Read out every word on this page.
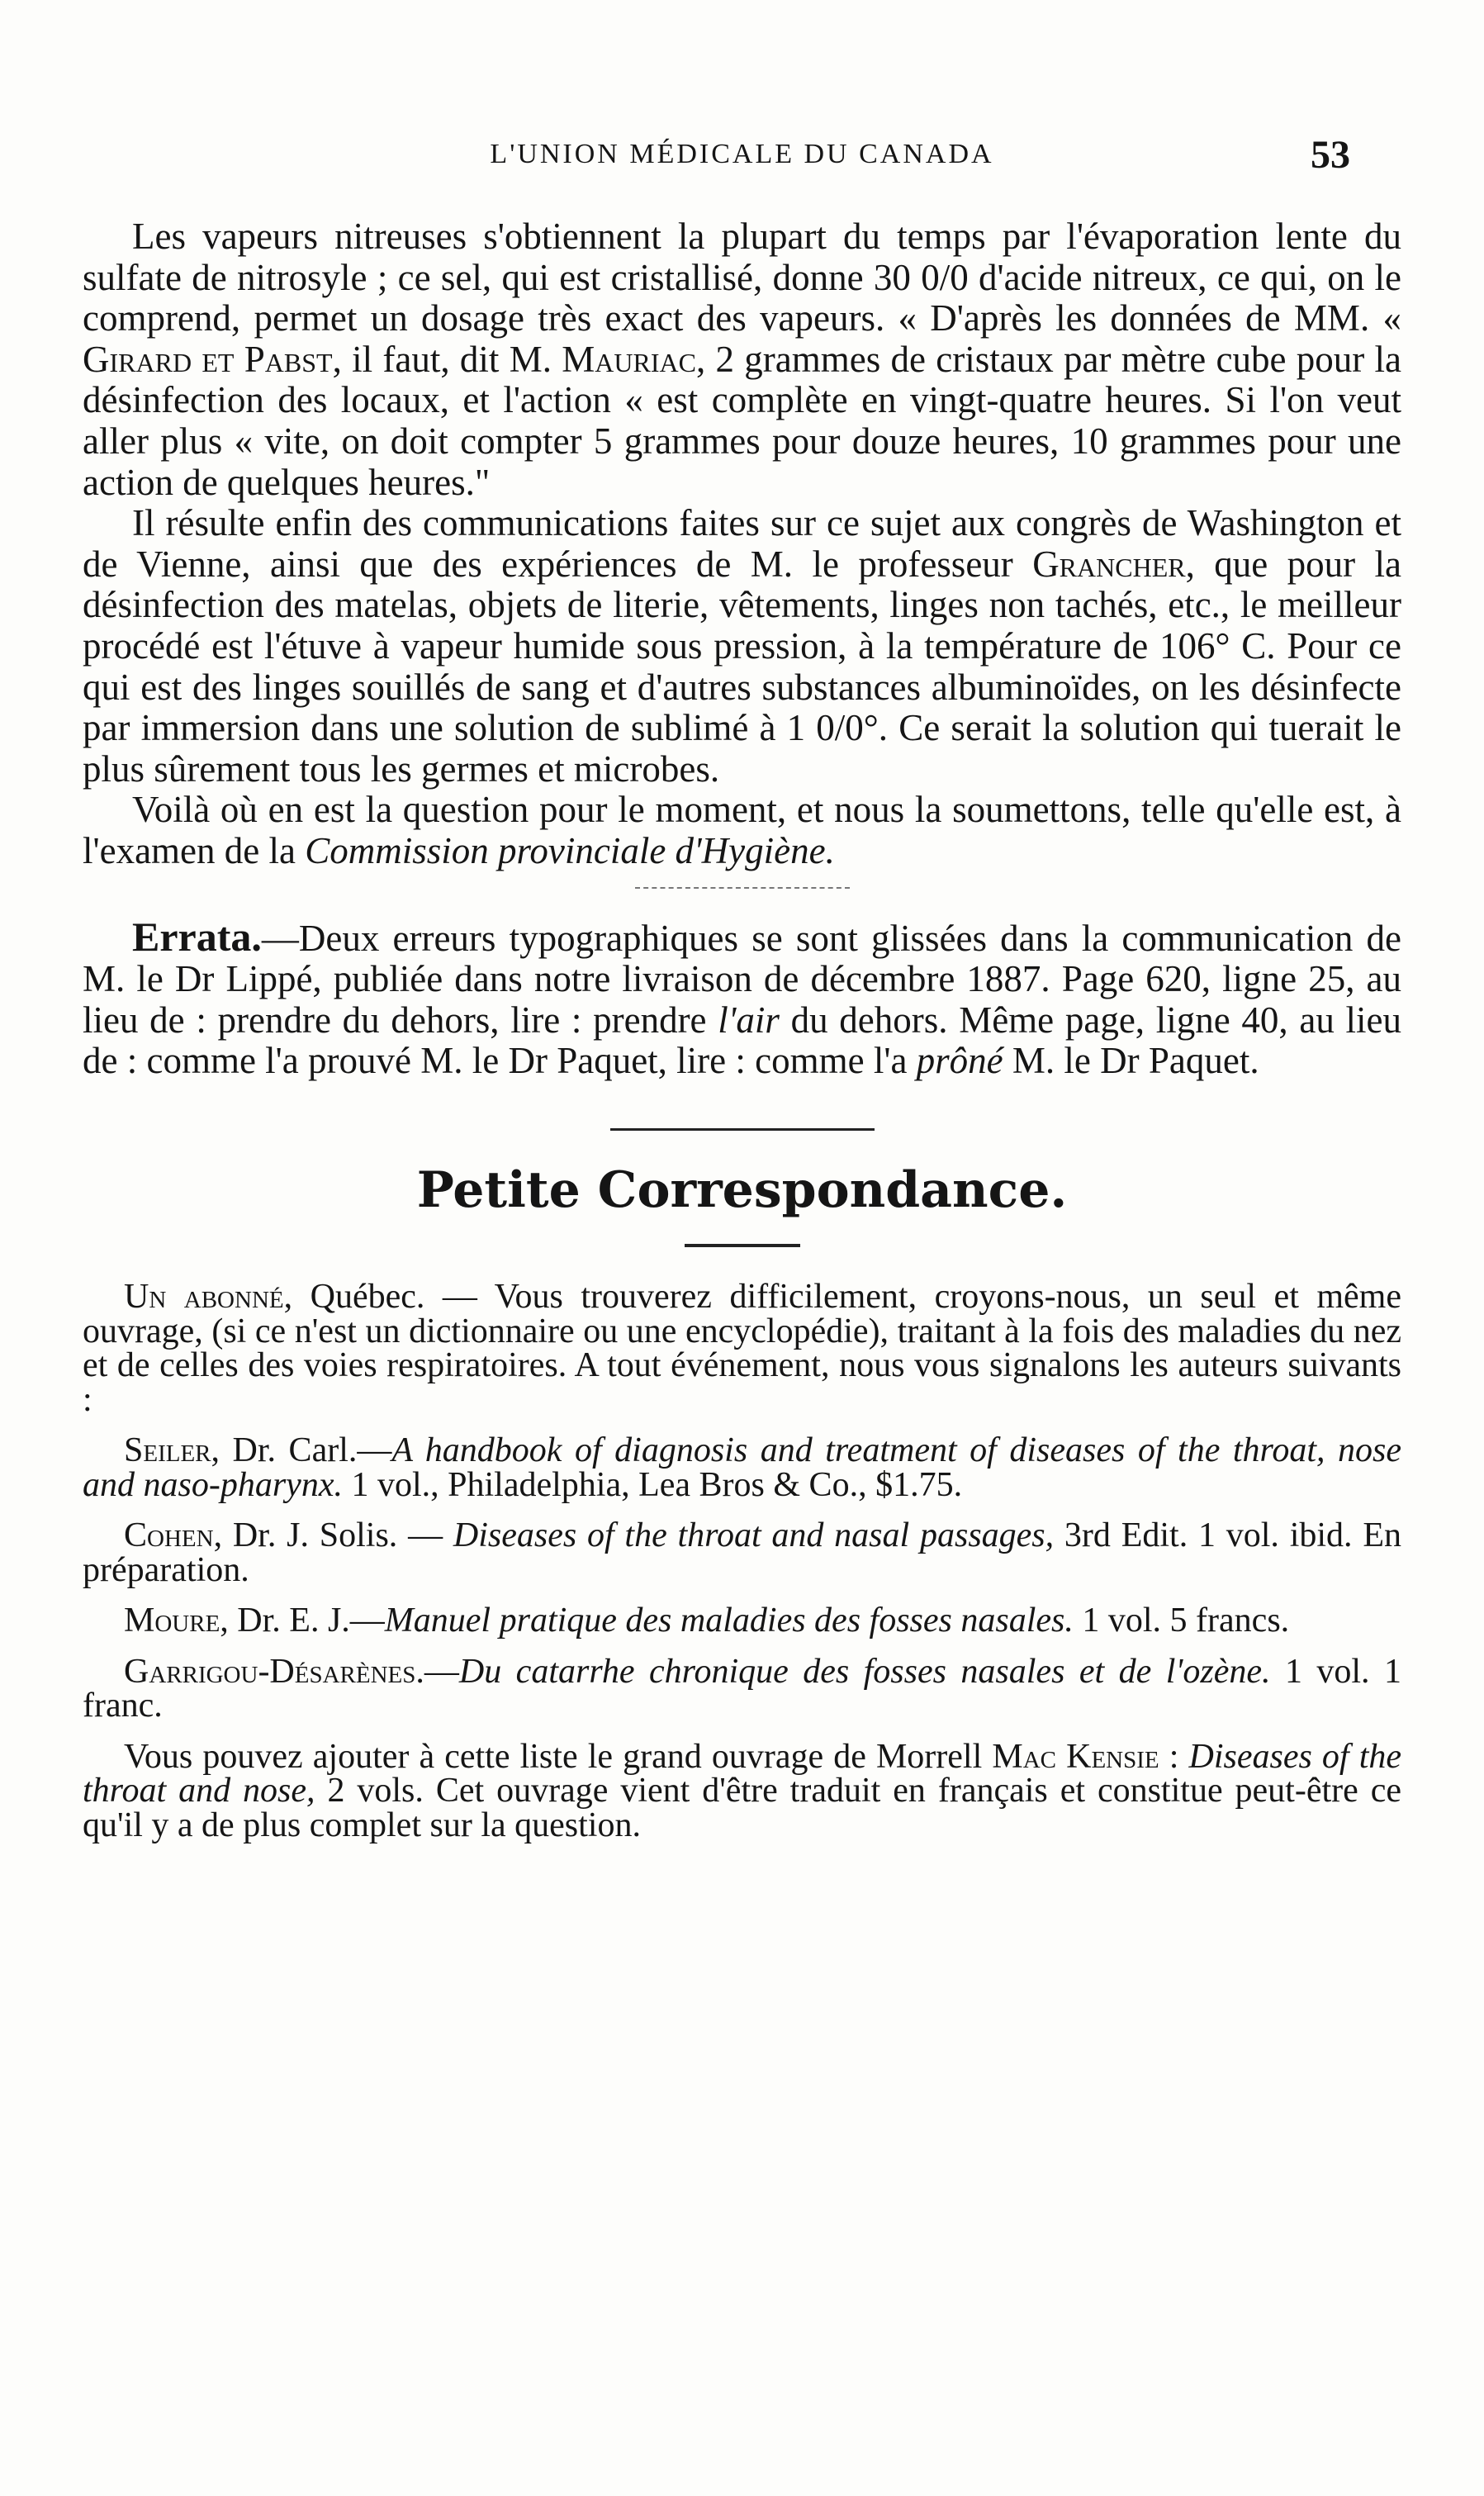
L'UNION MÉDICALE DU CANADA	53

Les vapeurs nitreuses s'obtiennent la plupart du temps par l'évaporation lente du sulfate de nitrosyle ; ce sel, qui est cristallisé, donne 30 0/0 d'acide nitreux, ce qui, on le comprend, permet un dosage très exact des vapeurs. « D'après les données de MM. « Girard et Pabst, il faut, dit M. Mauriac, 2 grammes de cristaux par mètre cube pour la désinfection des locaux, et l'action « est complète en vingt-quatre heures. Si l'on veut aller plus « vite, on doit compter 5 grammes pour douze heures, 10 grammes pour une action de quelques heures."

Il résulte enfin des communications faites sur ce sujet aux congrès de Washington et de Vienne, ainsi que des expériences de M. le professeur Grancher, que pour la désinfection des matelas, objets de literie, vêtements, linges non tachés, etc., le meilleur procédé est l'étuve à vapeur humide sous pression, à la température de 106° C. Pour ce qui est des linges souillés de sang et d'autres substances albuminoïdes, on les désinfecte par immersion dans une solution de sublimé à 1 0/0°. Ce serait la solution qui tuerait le plus sûrement tous les germes et microbes.

Voilà où en est la question pour le moment, et nous la soumettons, telle qu'elle est, à l'examen de la Commission provinciale d'Hygiène.

Errata.—Deux erreurs typographiques se sont glissées dans la communication de M. le Dr Lippé, publiée dans notre livraison de décembre 1887. Page 620, ligne 25, au lieu de : prendre du dehors, lire : prendre l'air du dehors. Même page, ligne 40, au lieu de : comme l'a prouvé M. le Dr Paquet, lire : comme l'a prôné M. le Dr Paquet.

Petite Correspondance.

Un abonné, Québec. — Vous trouverez difficilement, croyons-nous, un seul et même ouvrage, (si ce n'est un dictionnaire ou une encyclopédie), traitant à la fois des maladies du nez et de celles des voies respiratoires. A tout événement, nous vous signalons les auteurs suivants :

Seiler, Dr. Carl.—A handbook of diagnosis and treatment of diseases of the throat, nose and naso-pharynx. 1 vol., Philadelphia, Lea Bros & Co., $1.75.

Cohen, Dr. J. Solis. — Diseases of the throat and nasal passages, 3rd Edit. 1 vol. ibid. En préparation.

Moure, Dr. E. J.—Manuel pratique des maladies des fosses nasales. 1 vol. 5 francs.

Garrigou-Désarènes.—Du catarrhe chronique des fosses nasales et de l'ozène. 1 vol. 1 franc.

Vous pouvez ajouter à cette liste le grand ouvrage de Morrell Mac Kensie : Diseases of the throat and nose, 2 vols. Cet ouvrage vient d'être traduit en français et constitue peut-être ce qu'il y a de plus complet sur la question.
